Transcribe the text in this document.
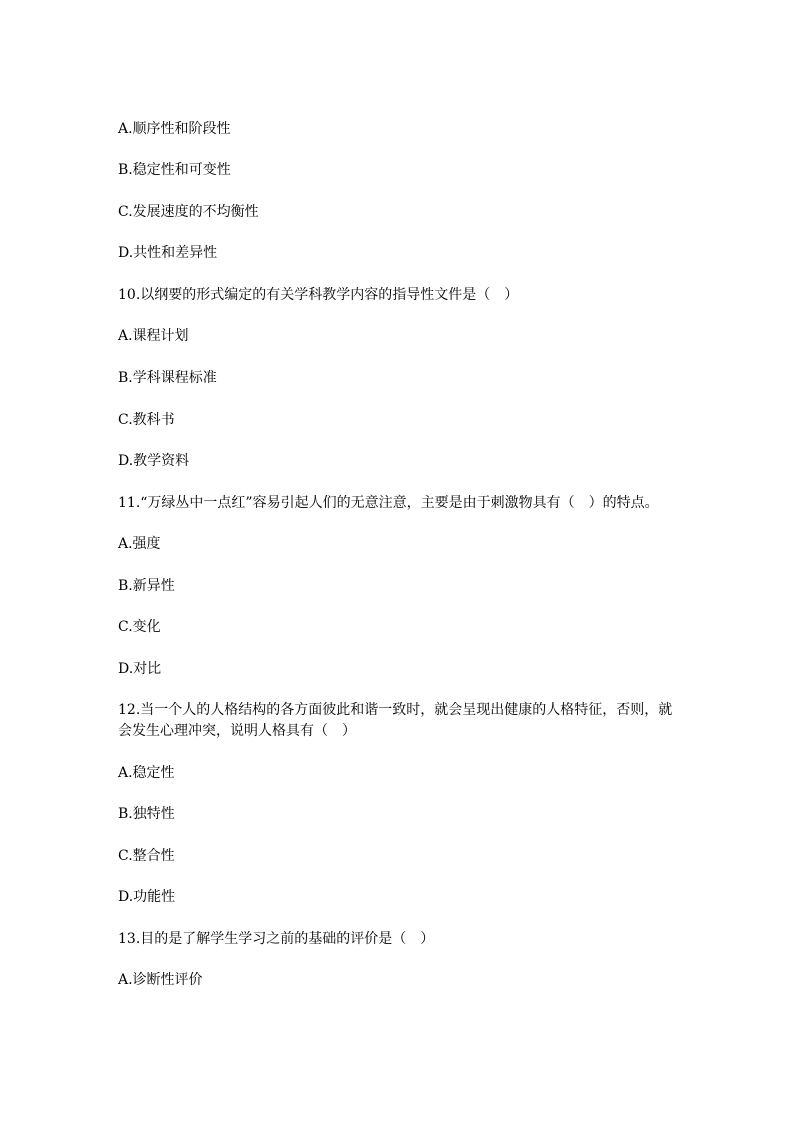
A.顺序性和阶段性
B.稳定性和可变性
C.发展速度的不均衡性
D.共性和差异性
10.以纲要的形式编定的有关学科教学内容的指导性文件是（　）
A.课程计划
B.学科课程标准
C.教科书
D.教学资料
11.“万绿丛中一点红”容易引起人们的无意注意，主要是由于刺激物具有（　）的特点。
A.强度
B.新异性
C.变化
D.对比
12.当一个人的人格结构的各方面彼此和谐一致时，就会呈现出健康的人格特征，否则，就会发生心理冲突，说明人格具有（　）
A.稳定性
B.独特性
C.整合性
D.功能性
13.目的是了解学生学习之前的基础的评价是（　）
A.诊断性评价
